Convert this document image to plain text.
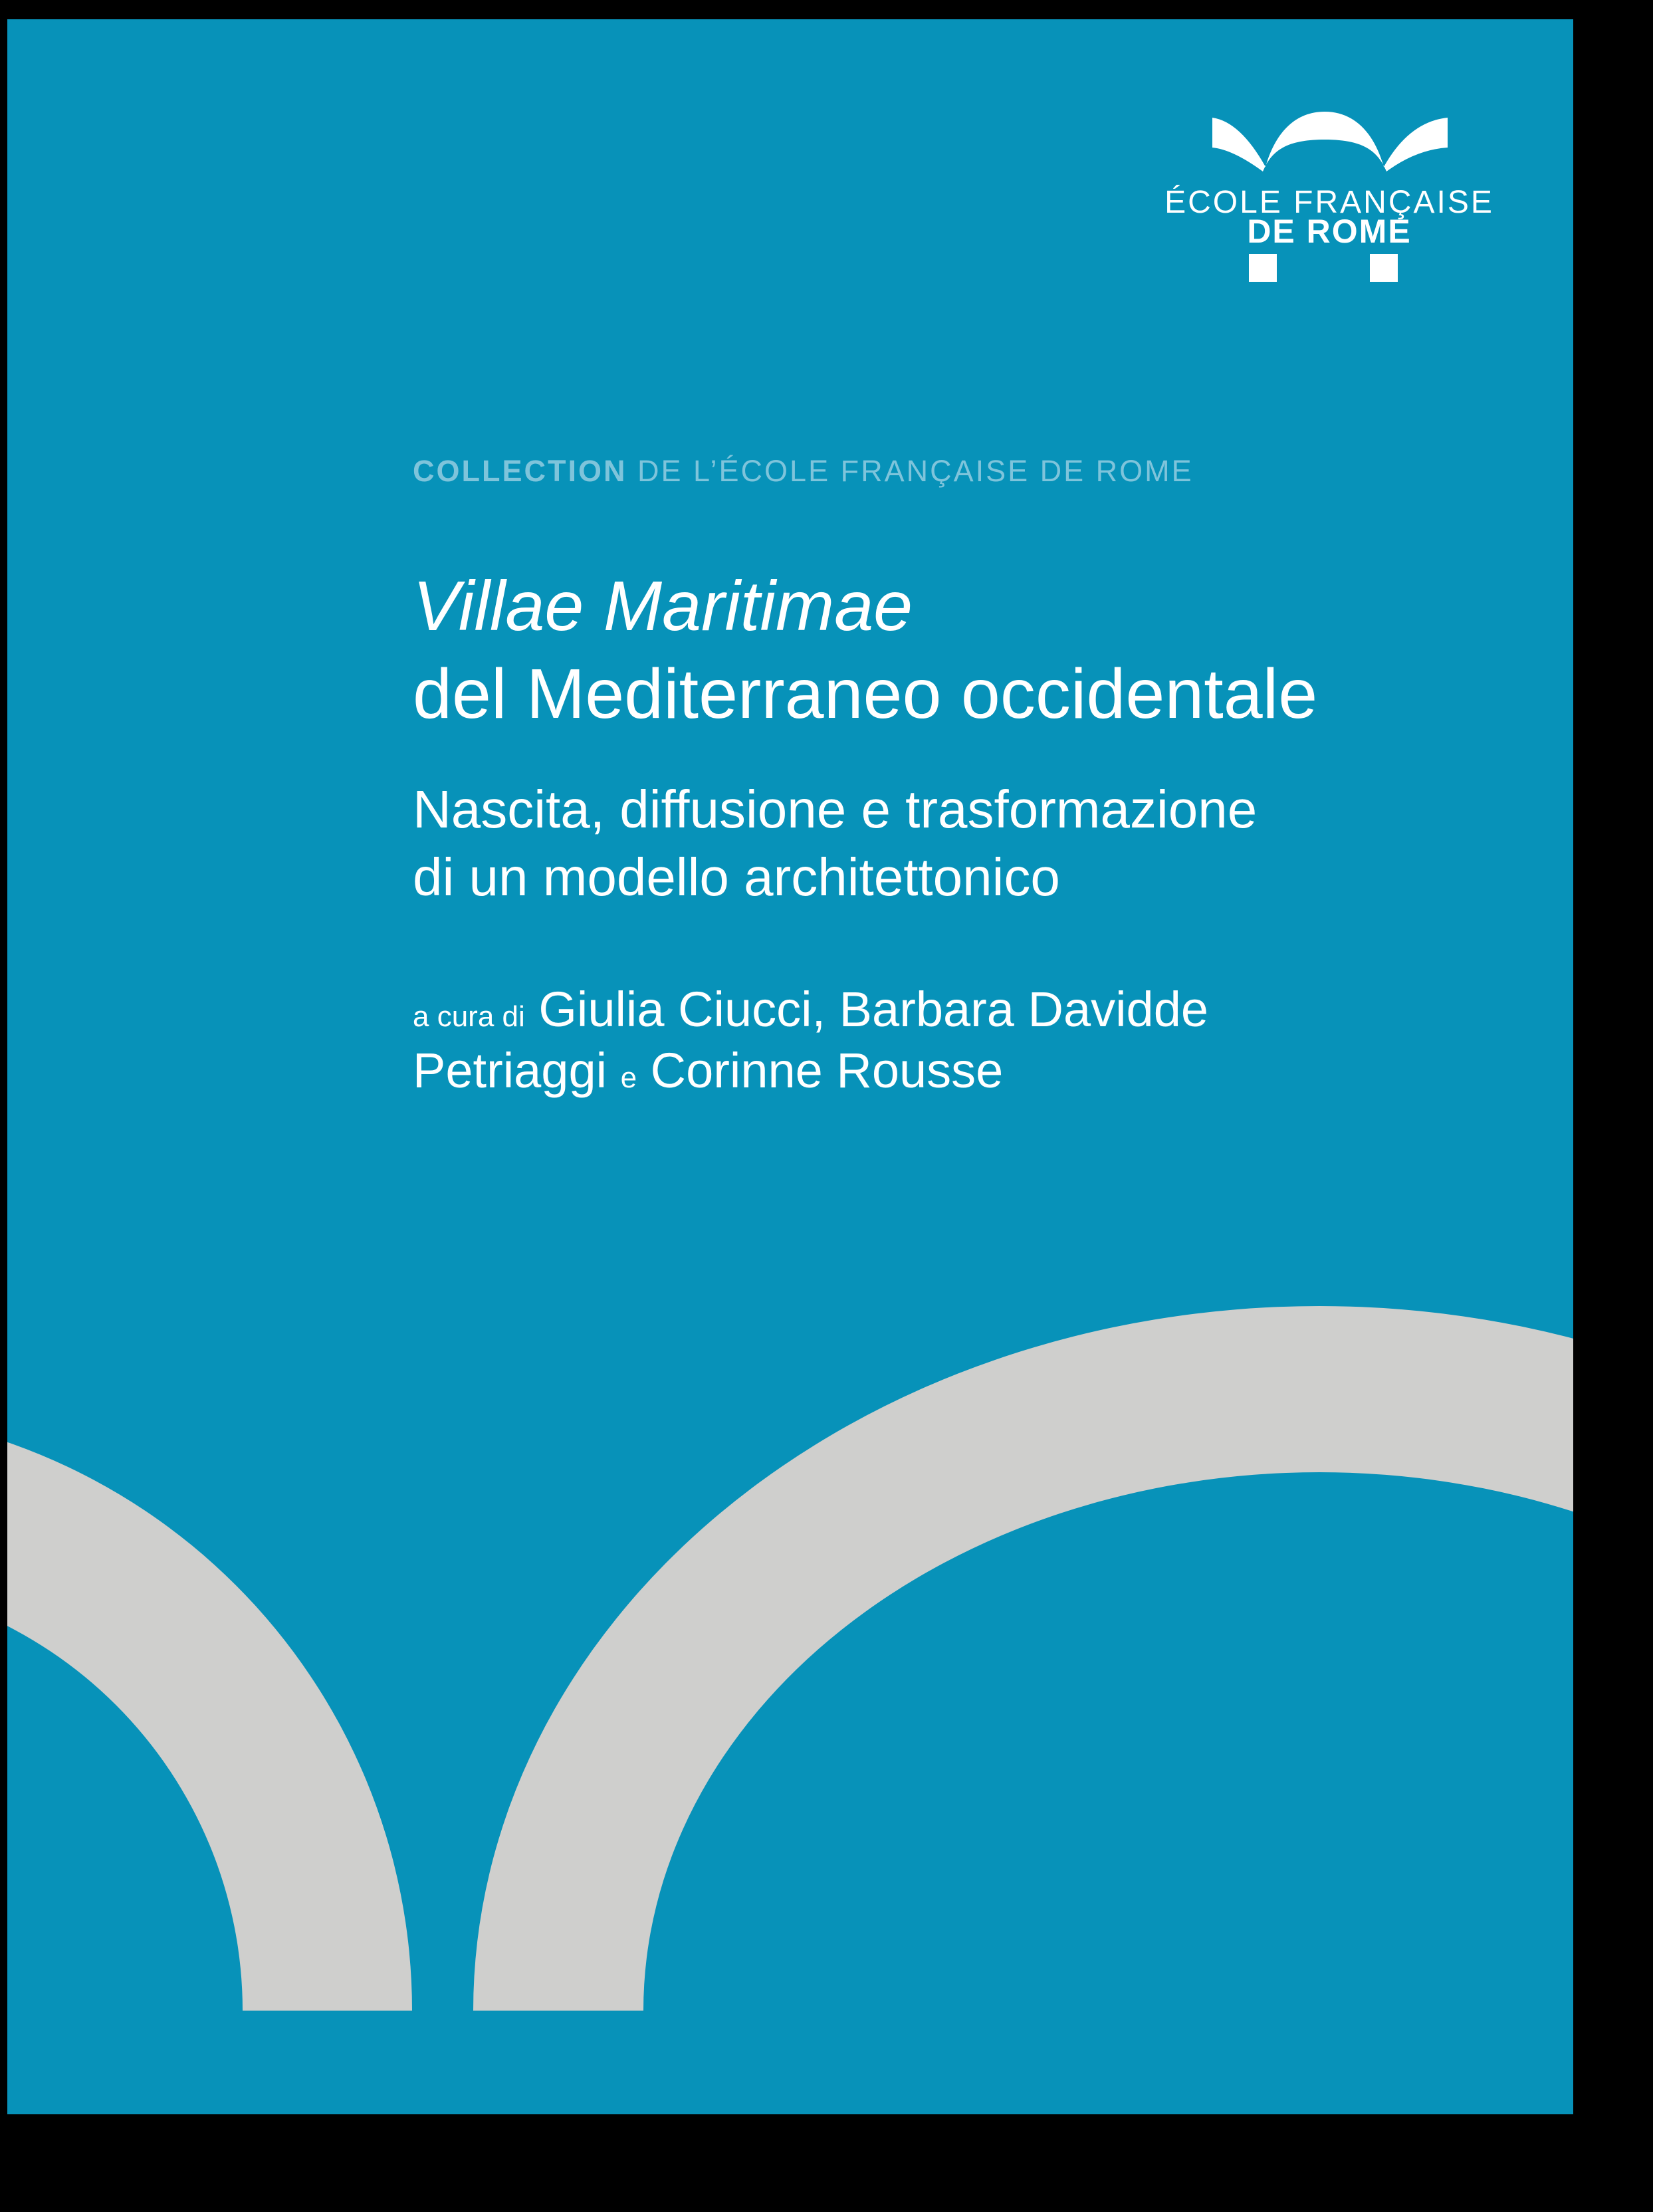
ÉCOLE FRANÇAISE
DE ROME
COLLECTION DE L’ÉCOLE FRANÇAISE DE ROME
Villae Maritimae
del Mediterraneo occidentale
Nascita, diffusione e trasformazione
di un modello architettonico
a cura di Giulia Ciucci, Barbara Davidde
Petriaggi e Corinne Rousse
